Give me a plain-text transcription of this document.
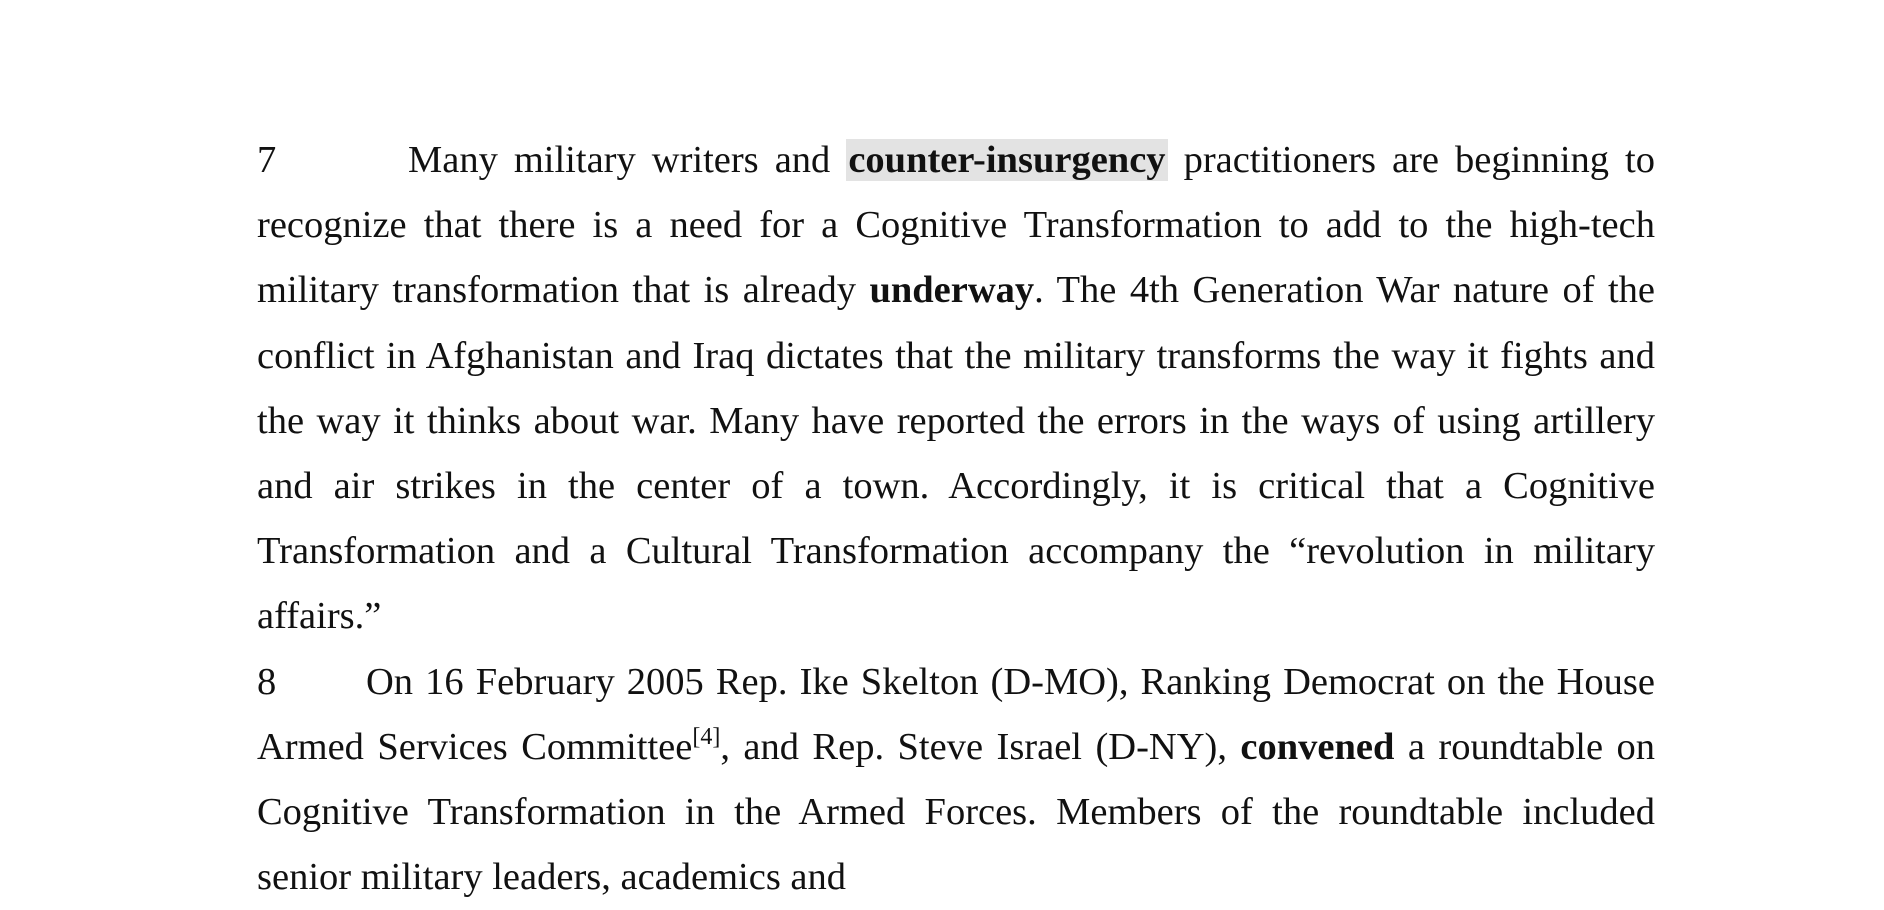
7	Many military writers and counter-insurgency practitioners are beginning to recognize that there is a need for a Cognitive Transformation to add to the high-tech military transformation that is already underway. The 4th Generation War nature of the conflict in Afghanistan and Iraq dictates that the military transforms the way it fights and the way it thinks about war. Many have reported the errors in the ways of using artillery and air strikes in the center of a town. Accordingly, it is critical that a Cognitive Transformation and a Cultural Transformation accompany the “revolution in military affairs.”

8 On 16 February 2005 Rep. Ike Skelton (D-MO), Ranking Democrat on the House Armed Services Committee[4], and Rep. Steve Israel (D-NY), convened a roundtable on Cognitive Transformation in the Armed Forces. Members of the roundtable included senior military leaders, academics and
